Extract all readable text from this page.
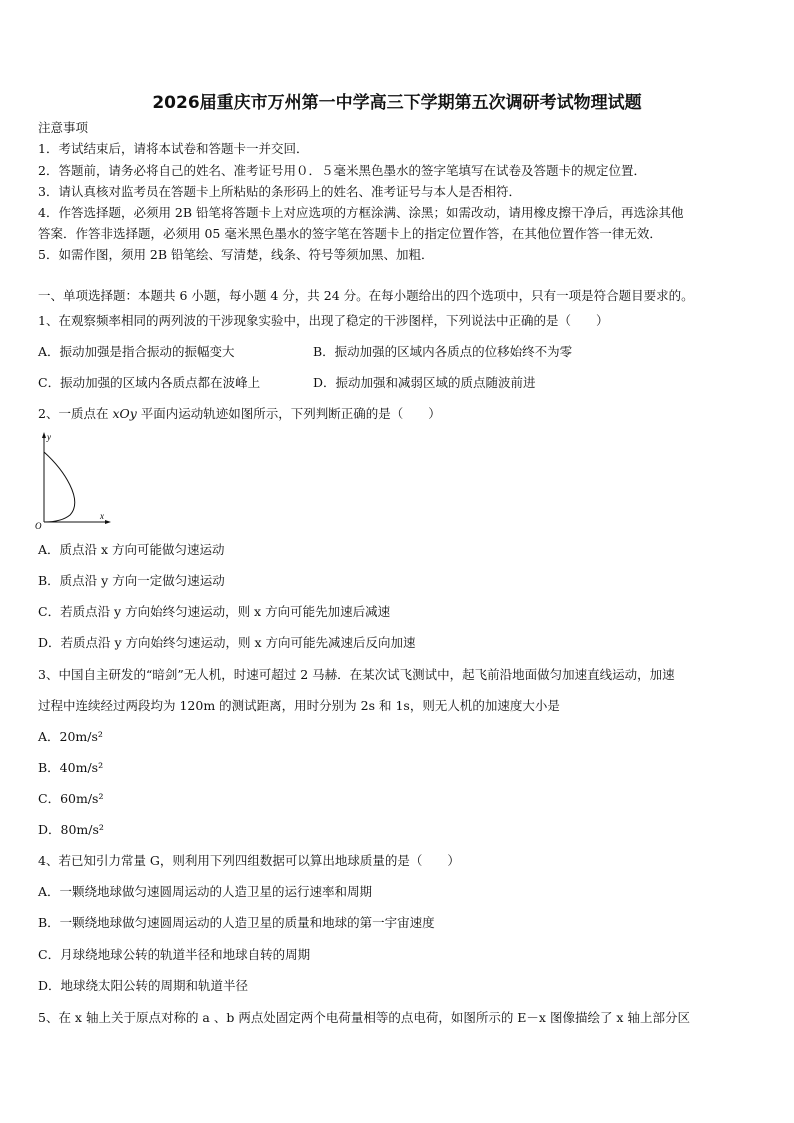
2026届重庆市万州第一中学高三下学期第五次调研考试物理试题
注意事项
1．考试结束后，请将本试卷和答题卡一并交回．
2．答题前，请务必将自己的姓名、准考证号用０．５毫米黑色墨水的签字笔填写在试卷及答题卡的规定位置．
3．请认真核对监考员在答题卡上所粘贴的条形码上的姓名、准考证号与本人是否相符．
4．作答选择题，必须用 2B 铅笔将答题卡上对应选项的方框涂满、涂黑；如需改动，请用橡皮擦干净后，再选涂其他
答案．作答非选择题，必须用 05 毫米黑色墨水的签字笔在答题卡上的指定位置作答，在其他位置作答一律无效．
5．如需作图，须用 2B 铅笔绘、写清楚，线条、符号等须加黑、加粗．
一、单项选择题：本题共 6 小题，每小题 4 分，共 24 分。在每小题给出的四个选项中，只有一项是符合题目要求的。
1、在观察频率相同的两列波的干涉现象实验中，出现了稳定的干涉图样，下列说法中正确的是（　　）
A．振动加强是指合振动的振幅变大	B．振动加强的区域内各质点的位移始终不为零
C．振动加强的区域内各质点都在波峰上	D．振动加强和减弱区域的质点随波前进
2、一质点在 xOy 平面内运动轨迹如图所示，下列判断正确的是（　　）
y
x
O
A．质点沿 x 方向可能做匀速运动
B．质点沿 y 方向一定做匀速运动
C．若质点沿 y 方向始终匀速运动，则 x 方向可能先加速后减速
D．若质点沿 y 方向始终匀速运动，则 x 方向可能先减速后反向加速
3、中国自主研发的“暗剑”无人机，时速可超过 2 马赫．在某次试飞测试中，起飞前沿地面做匀加速直线运动，加速
过程中连续经过两段均为 120m 的测试距离，用时分别为 2s 和 1s，则无人机的加速度大小是
A．20m/s²
B．40m/s²
C．60m/s²
D．80m/s²
4、若已知引力常量 G，则利用下列四组数据可以算出地球质量的是（　　）
A．一颗绕地球做匀速圆周运动的人造卫星的运行速率和周期
B．一颗绕地球做匀速圆周运动的人造卫星的质量和地球的第一宇宙速度
C．月球绕地球公转的轨道半径和地球自转的周期
D．地球绕太阳公转的周期和轨道半径
5、在 x 轴上关于原点对称的 a 、b 两点处固定两个电荷量相等的点电荷，如图所示的 E－x 图像描绘了 x 轴上部分区
